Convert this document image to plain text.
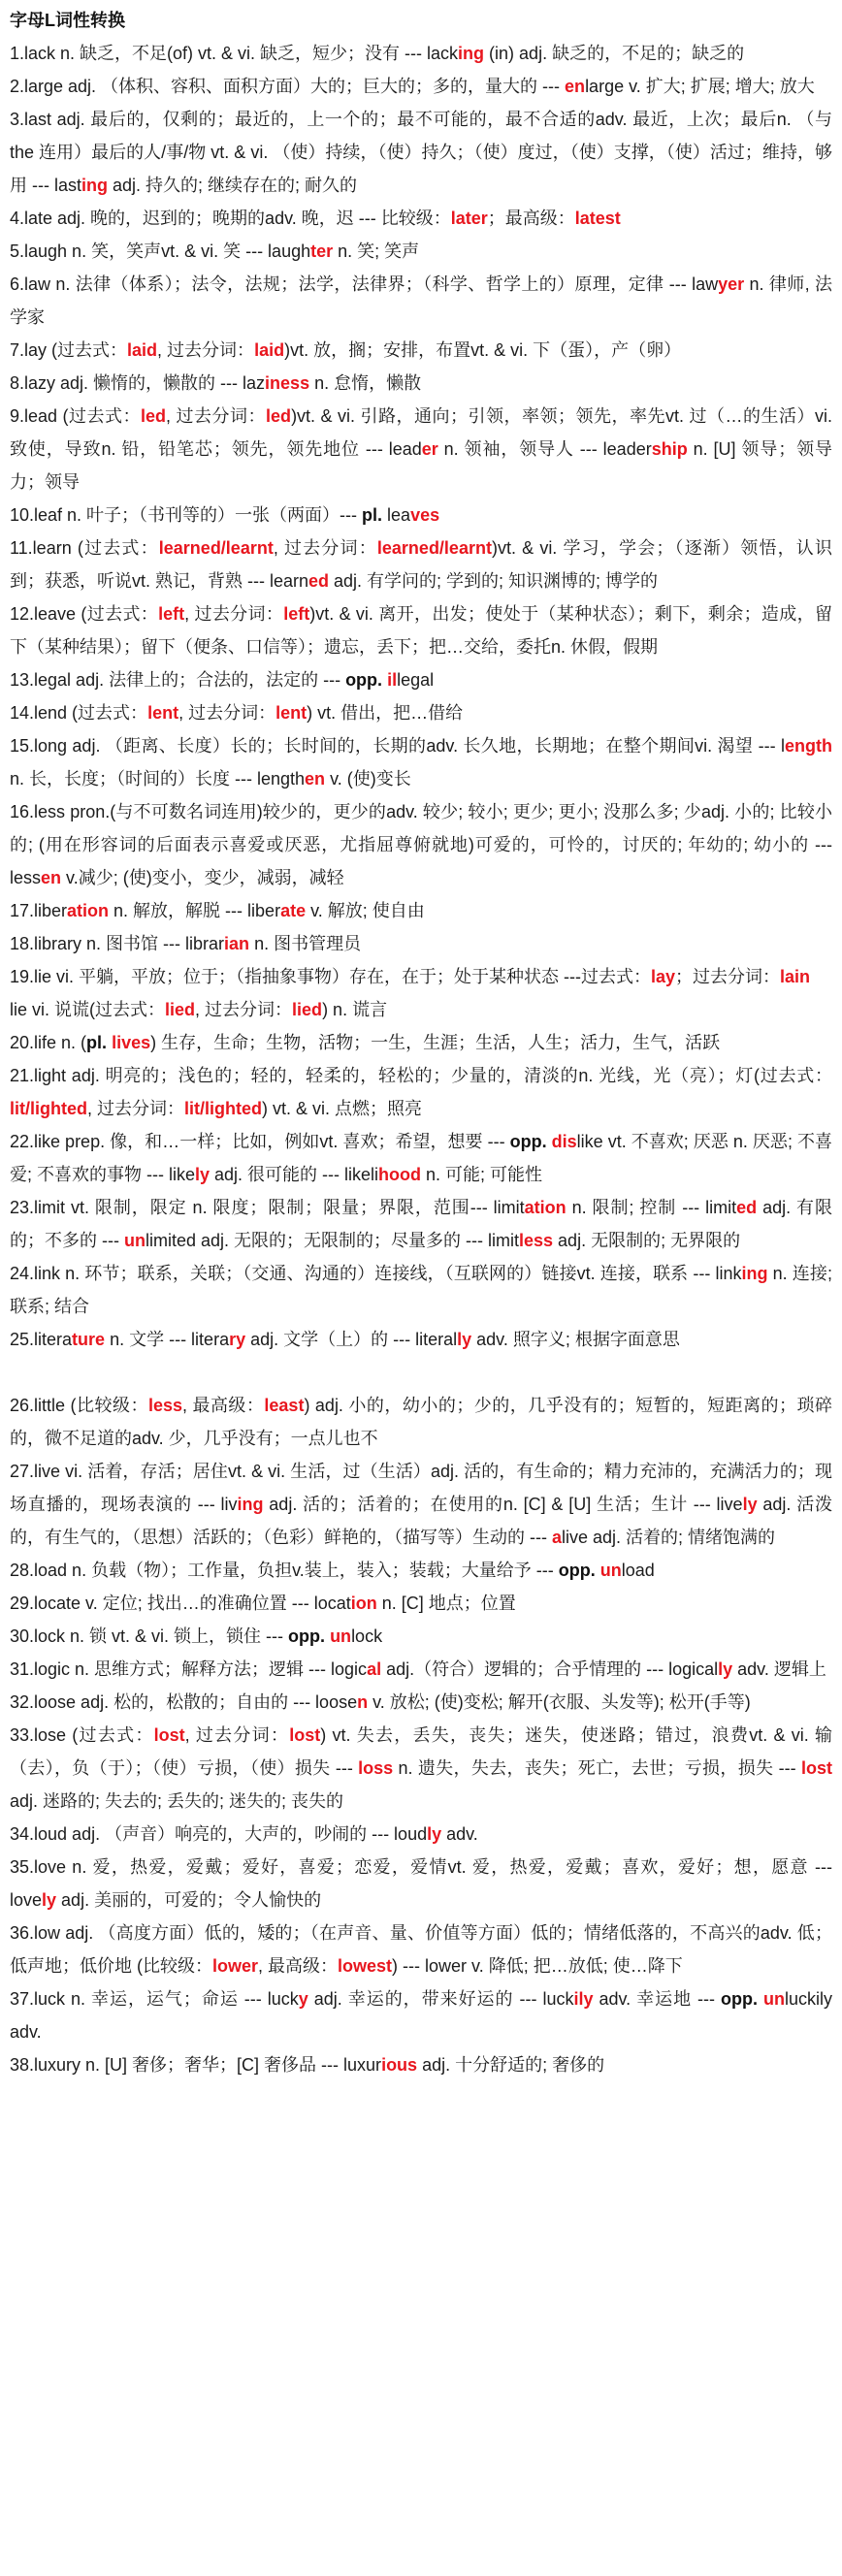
字母L词性转换

1.lack n. 缺乏，不足(of) vt. & vi. 缺乏，短少；没有 --- lacking (in) adj. 缺乏的，不足的；缺乏的

2.large adj. （体积、容积、面积方面）大的；巨大的；多的，量大的 --- enlarge v. 扩大; 扩展; 增大; 放大

3.last adj. 最后的，仅剩的；最近的，上一个的；最不可能的，最不合适的adv. 最近，上次；最后n. （与 the 连用）最后的人/事/物 vt. & vi. （使）持续，（使）持久；（使）度过，（使）支撑，（使）活过；维持，够用 --- lasting adj. 持久的; 继续存在的; 耐久的

4.late adj. 晚的，迟到的；晚期的adv. 晚，迟 --- 比较级：later；最高级：latest

5.laugh n. 笑，笑声vt. & vi. 笑 --- laughter n. 笑; 笑声

6.law n. 法律（体系）；法令，法规；法学，法律界；（科学、哲学上的）原理，定律 --- lawyer n. 律师, 法学家

7.lay (过去式：laid, 过去分词：laid)vt. 放，搁；安排，布置vt. & vi. 下（蛋），产（卵）

8.lazy adj. 懒惰的，懒散的 --- laziness n. 怠惰，懒散

9.lead (过去式：led, 过去分词：led)vt. & vi. 引路，通向；引领，率领；领先，率先vt. 过（…的生活）vi. 致使，导致n. 铅，铅笔芯；领先，领先地位 --- leader n. 领袖，领导人 --- leadership n. [U] 领导；领导力；领导

10.leaf n. 叶子；（书刊等的）一张（两面）--- pl. leaves

11.learn (过去式：learned/learnt, 过去分词：learned/learnt)vt. & vi. 学习，学会；（逐渐）领悟，认识到；获悉，听说vt. 熟记，背熟 --- learned adj. 有学问的; 学到的; 知识渊博的; 博学的

12.leave (过去式：left, 过去分词：left)vt. & vi. 离开，出发；使处于（某种状态）；剩下，剩余；造成，留下（某种结果）；留下（便条、口信等）；遗忘，丢下；把…交给，委托n. 休假，假期

13.legal adj. 法律上的；合法的，法定的 --- opp. illegal

14.lend (过去式：lent, 过去分词：lent) vt. 借出，把…借给

15.long adj. （距离、长度）长的；长时间的，长期的adv. 长久地，长期地；在整个期间vi. 渴望 --- length n. 长，长度；（时间的）长度 --- lengthen v. (使)变长

16.less pron.(与不可数名词连用)较少的，更少的adv. 较少; 较小; 更少; 更小; 没那么多; 少adj. 小的; 比较小的; (用在形容词的后面表示喜爱或厌恶，尤指屈尊俯就地)可爱的，可怜的，讨厌的; 年幼的; 幼小的 --- lessen v.减少; (使)变小，变少，减弱，减轻

17.liberation n. 解放，解脱 --- liberate v. 解放; 使自由

18.library n. 图书馆 --- librarian n. 图书管理员

19.lie vi. 平躺，平放；位于；（指抽象事物）存在，在于；处于某种状态 ---过去式：lay；过去分词：lain

lie vi. 说谎(过去式：lied, 过去分词：lied) n. 谎言

20.life n. (pl. lives) 生存，生命；生物，活物；一生，生涯；生活，人生；活力，生气，活跃

21.light adj. 明亮的；浅色的；轻的，轻柔的，轻松的；少量的，清淡的n. 光线，光（亮）；灯(过去式：lit/lighted, 过去分词：lit/lighted) vt. & vi. 点燃；照亮

22.like prep. 像，和…一样；比如，例如vt. 喜欢；希望，想要 --- opp. dislike vt. 不喜欢; 厌恶 n. 厌恶; 不喜爱; 不喜欢的事物 --- likely adj. 很可能的 --- likelihood n. 可能; 可能性

23.limit vt. 限制，限定 n. 限度；限制；限量；界限，范围--- limitation n. 限制; 控制 --- limited adj. 有限的；不多的 --- unlimited adj. 无限的；无限制的；尽量多的 --- limitless adj. 无限制的; 无界限的

24.link n. 环节；联系，关联；（交通、沟通的）连接线，（互联网的）链接vt. 连接，联系 --- linking n. 连接; 联系; 结合

25.literature n. 文学 --- literary adj. 文学（上）的 --- literally adv. 照字义; 根据字面意思

26.little (比较级：less, 最高级：least) adj. 小的，幼小的；少的，几乎没有的；短暂的，短距离的；琐碎的，微不足道的adv. 少，几乎没有；一点儿也不

27.live vi. 活着，存活；居住vt. & vi. 生活，过（生活）adj. 活的，有生命的；精力充沛的，充满活力的；现场直播的，现场表演的 --- living adj. 活的；活着的；在使用的n. [C] & [U] 生活；生计 --- lively adj. 活泼的，有生气的，（思想）活跃的；（色彩）鲜艳的，（描写等）生动的 --- alive adj. 活着的; 情绪饱满的

28.load n. 负载（物）；工作量，负担v.装上，装入；装载；大量给予 --- opp. unload

29.locate v. 定位; 找出…的准确位置 --- location n. [C] 地点；位置

30.lock n. 锁 vt. & vi. 锁上，锁住 --- opp. unlock

31.logic n. 思维方式；解释方法；逻辑 --- logical adj.（符合）逻辑的；合乎情理的 --- logically adv. 逻辑上

32.loose adj. 松的，松散的；自由的 --- loosen v. 放松; (使)变松; 解开(衣服、头发等); 松开(手等)

33.lose (过去式：lost, 过去分词：lost) vt. 失去，丢失，丧失；迷失，使迷路；错过，浪费vt. & vi. 输（去），负（于）；（使）亏损，（使）损失 --- loss n. 遗失，失去，丧失；死亡，去世；亏损，损失 --- lost adj. 迷路的; 失去的; 丢失的; 迷失的; 丧失的

34.loud adj. （声音）响亮的，大声的，吵闹的 --- loudly adv.

35.love n. 爱，热爱，爱戴；爱好，喜爱；恋爱，爱情vt. 爱，热爱，爱戴；喜欢，爱好；想，愿意 --- lovely adj. 美丽的，可爱的；令人愉快的

36.low adj. （高度方面）低的，矮的；（在声音、量、价值等方面）低的；情绪低落的，不高兴的adv. 低；低声地；低价地 (比较级：lower, 最高级：lowest) --- lower v. 降低; 把…放低; 使…降下

37.luck n. 幸运，运气；命运 --- lucky adj. 幸运的，带来好运的 --- luckily adv. 幸运地 --- opp. unluckily adv.

38.luxury n. [U] 奢侈；奢华；[C] 奢侈品 --- luxurious adj. 十分舒适的; 奢侈的
